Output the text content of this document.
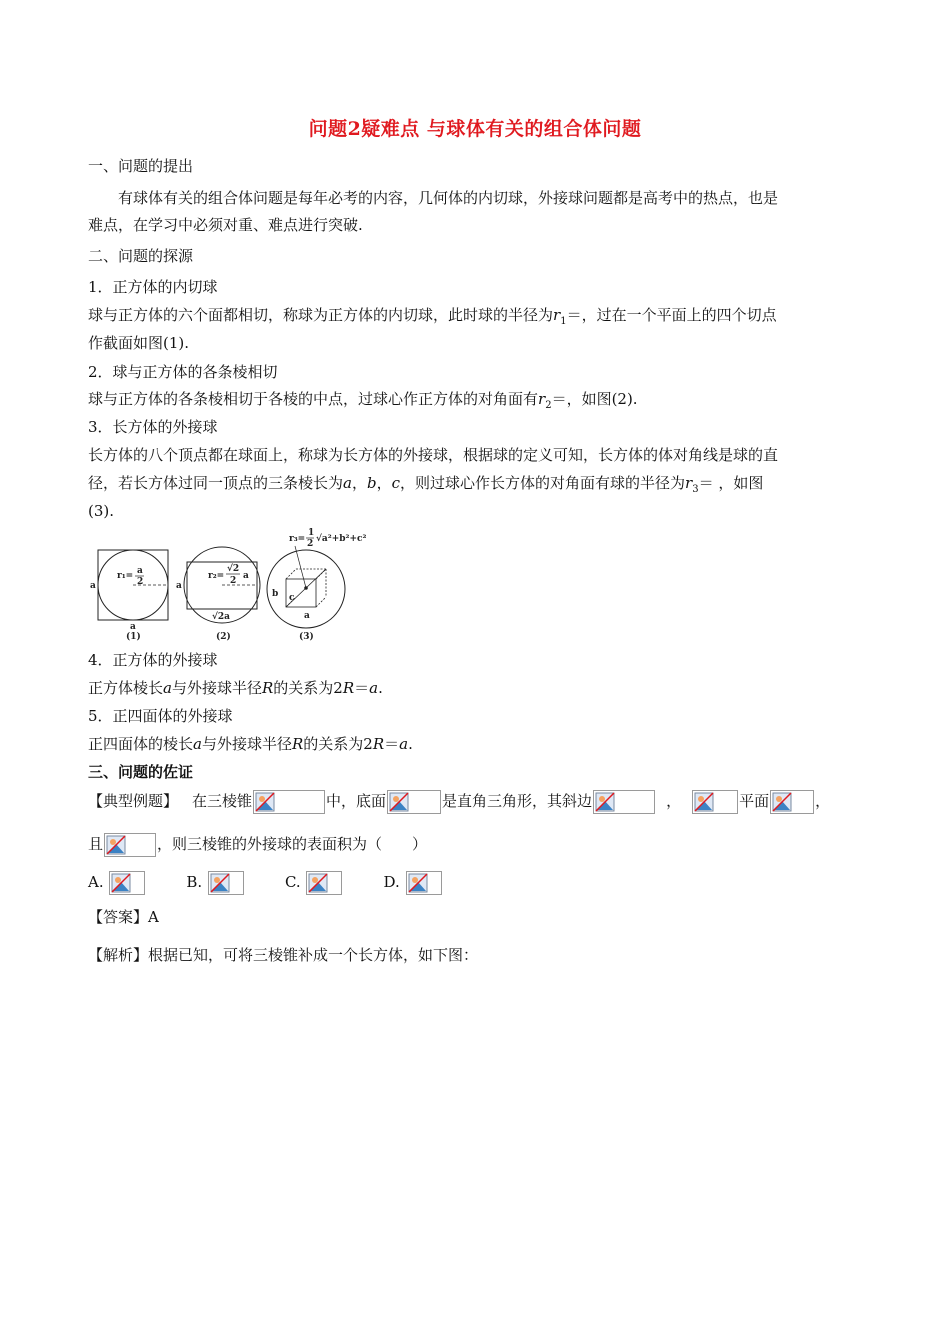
问题2疑难点 与球体有关的组合体问题
一、问题的提出
有球体有关的组合体问题是每年必考的内容，几何体的内切球，外接球问题都是高考中的热点，也是
难点，在学习中必须对重、难点进行突破.
二、问题的探源
1．正方体的内切球
球与正方体的六个面都相切，称球为正方体的内切球，此时球的半径为$r_1=$，过在一个平面上的四个切点
作截面如图(1).
2．球与正方体的各条棱相切
球与正方体的各条棱相切于各棱的中点，过球心作正方体的对角面有$r_2=$，如图(2).
3．长方体的外接球
长方体的八个顶点都在球面上，称球为长方体的外接球，根据球的定义可知，长方体的体对角线是球的直
径，若长方体过同一顶点的三条棱长为a，b，c，则过球心作长方体的对角面有球的半径为$r_3=$ ，如图
(3).
a
a
r₁= a
2
(1)
a
r₂=
√2
2 a
√2a
(2)
b c
a
r₃=
1
2 √a²+b²+c²
(3)
4．正方体的外接球
正方体棱长a与外接球半径R的关系为2R＝a.
5．正四面体的外接球
正四面体的棱长a与外接球半径R的关系为2R＝a.
三、问题的佐证
【典型例题】 在三棱锥	中，底面	是直角三角形，其斜边	，	平面	，
且	，则三棱锥的外接球的表面积为（　　）
A.	B.	C.	D.
【答案】A
【解析】根据已知，可将三棱锥补成一个长方体，如下图：
